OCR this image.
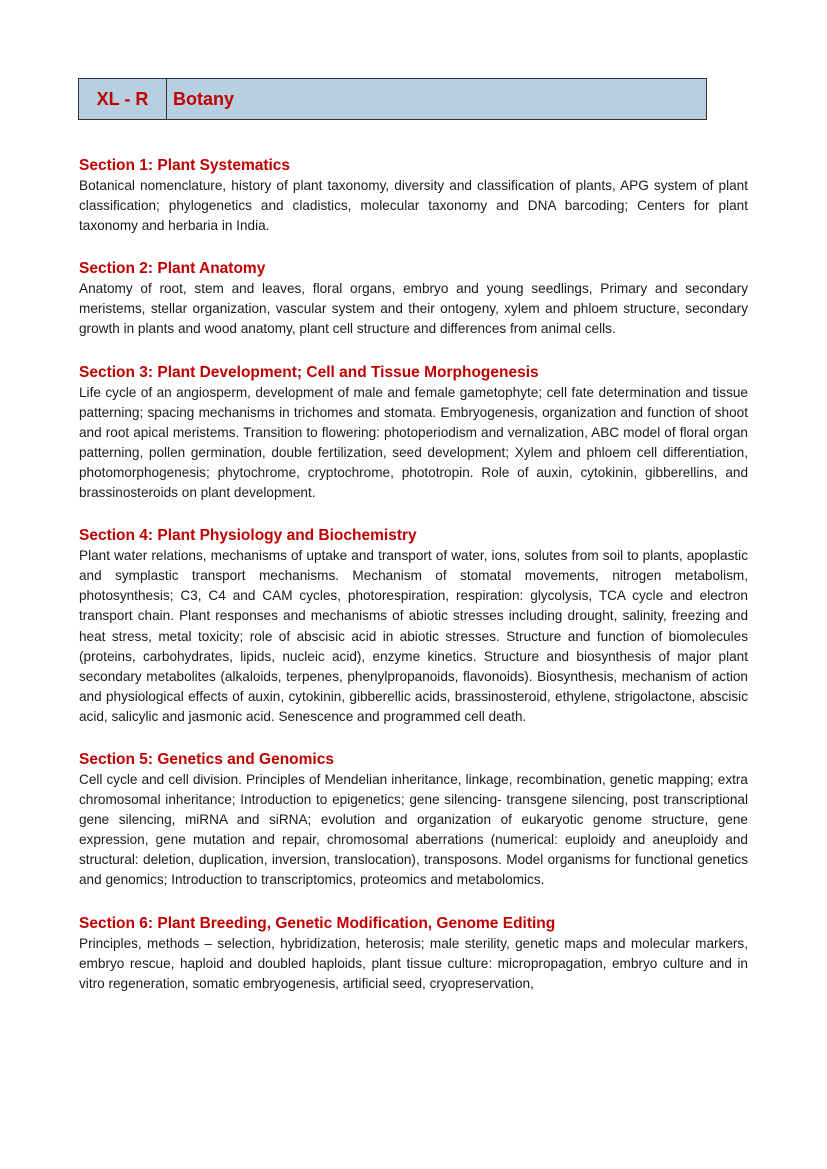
XL - R	Botany
Section 1: Plant Systematics

Botanical nomenclature, history of plant taxonomy, diversity and classification of plants, APG system of plant classification; phylogenetics and cladistics, molecular taxonomy and DNA barcoding; Centers for plant taxonomy and herbaria in India.

Section 2: Plant Anatomy

Anatomy of root, stem and leaves, floral organs, embryo and young seedlings, Primary and secondary meristems, stellar organization, vascular system and their ontogeny, xylem and phloem structure, secondary growth in plants and wood anatomy, plant cell structure and differences from animal cells.

Section 3: Plant Development; Cell and Tissue Morphogenesis

Life cycle of an angiosperm, development of male and female gametophyte; cell fate determination and tissue patterning; spacing mechanisms in trichomes and stomata. Embryogenesis, organization and function of shoot and root apical meristems. Transition to flowering: photoperiodism and vernalization, ABC model of floral organ patterning, pollen germination, double fertilization, seed development; Xylem and phloem cell differentiation, photomorphogenesis; phytochrome, cryptochrome, phototropin. Role of auxin, cytokinin, gibberellins, and brassinosteroids on plant development.

Section 4: Plant Physiology and Biochemistry

Plant water relations, mechanisms of uptake and transport of water, ions, solutes from soil to plants, apoplastic and symplastic transport mechanisms. Mechanism of stomatal movements, nitrogen metabolism, photosynthesis; C3, C4 and CAM cycles, photorespiration, respiration: glycolysis, TCA cycle and electron transport chain. Plant responses and mechanisms of abiotic stresses including drought, salinity, freezing and heat stress, metal toxicity; role of abscisic acid in abiotic stresses. Structure and function of biomolecules (proteins, carbohydrates, lipids, nucleic acid), enzyme kinetics. Structure and biosynthesis of major plant secondary metabolites (alkaloids, terpenes, phenylpropanoids, flavonoids). Biosynthesis, mechanism of action and physiological effects of auxin, cytokinin, gibberellic acids, brassinosteroid, ethylene, strigolactone, abscisic acid, salicylic and jasmonic acid. Senescence and programmed cell death.

Section 5: Genetics and Genomics

Cell cycle and cell division. Principles of Mendelian inheritance, linkage, recombination, genetic mapping; extra chromosomal inheritance; Introduction to epigenetics; gene silencing- transgene silencing, post transcriptional gene silencing, miRNA and siRNA; evolution and organization of eukaryotic genome structure, gene expression, gene mutation and repair, chromosomal aberrations (numerical: euploidy and aneuploidy and structural: deletion, duplication, inversion, translocation), transposons. Model organisms for functional genetics and genomics; Introduction to transcriptomics, proteomics and metabolomics.

Section 6: Plant Breeding, Genetic Modification, Genome Editing

Principles, methods – selection, hybridization, heterosis; male sterility, genetic maps and molecular markers, embryo rescue, haploid and doubled haploids, plant tissue culture: micropropagation, embryo culture and in vitro regeneration, somatic embryogenesis, artificial seed, cryopreservation,
